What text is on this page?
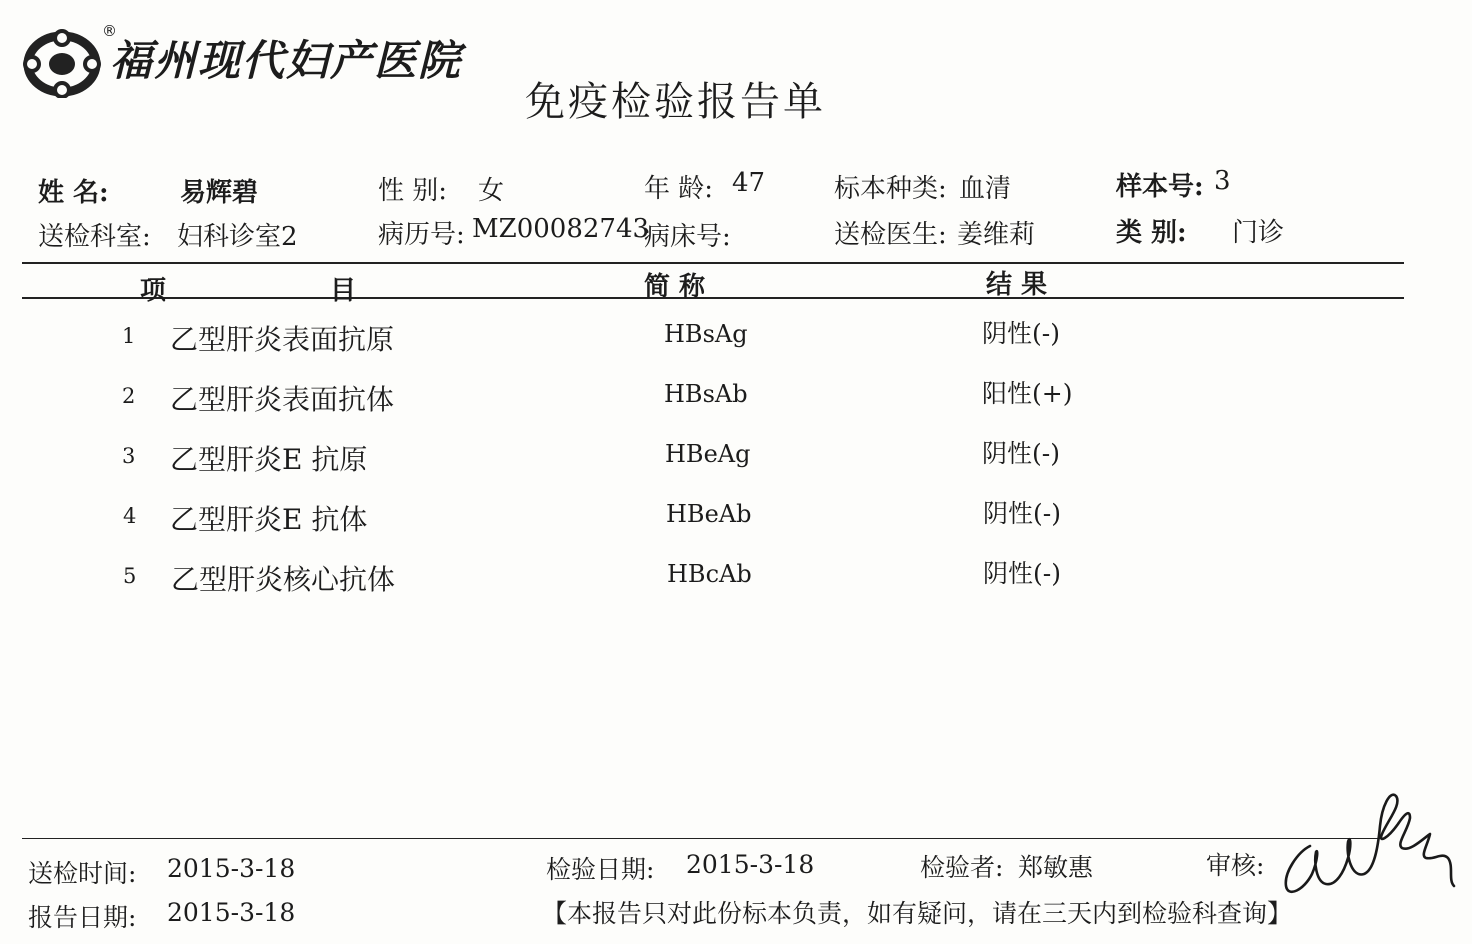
®
福州现代妇产医院
免疫检验报告单
姓 名:	易辉碧	性 别: 女	年 龄: 47	标本种类: 血清	样本号: 3
送检科室: 妇科诊室2	病历号: MZ00082743
病床号:	送检医生: 姜维莉	类 别: 门诊
项	目	简 称	结 果
1 乙型肝炎表面抗原	HBsAg	阴性(-)
2 乙型肝炎表面抗体	HBsAb	阳性(+)
3 乙型肝炎E 抗原	HBeAg	阴性(-)
4 乙型肝炎E 抗体	HBeAb	阴性(-)
5 乙型肝炎核心抗体	HBcAb	阴性(-)
送检时间: 2015-3-18	检验日期: 2015-3-18	检验者: 郑敏惠	审核:
报告日期: 2015-3-18	【本报告只对此份标本负责，如有疑问，请在三天内到检验科查询】
